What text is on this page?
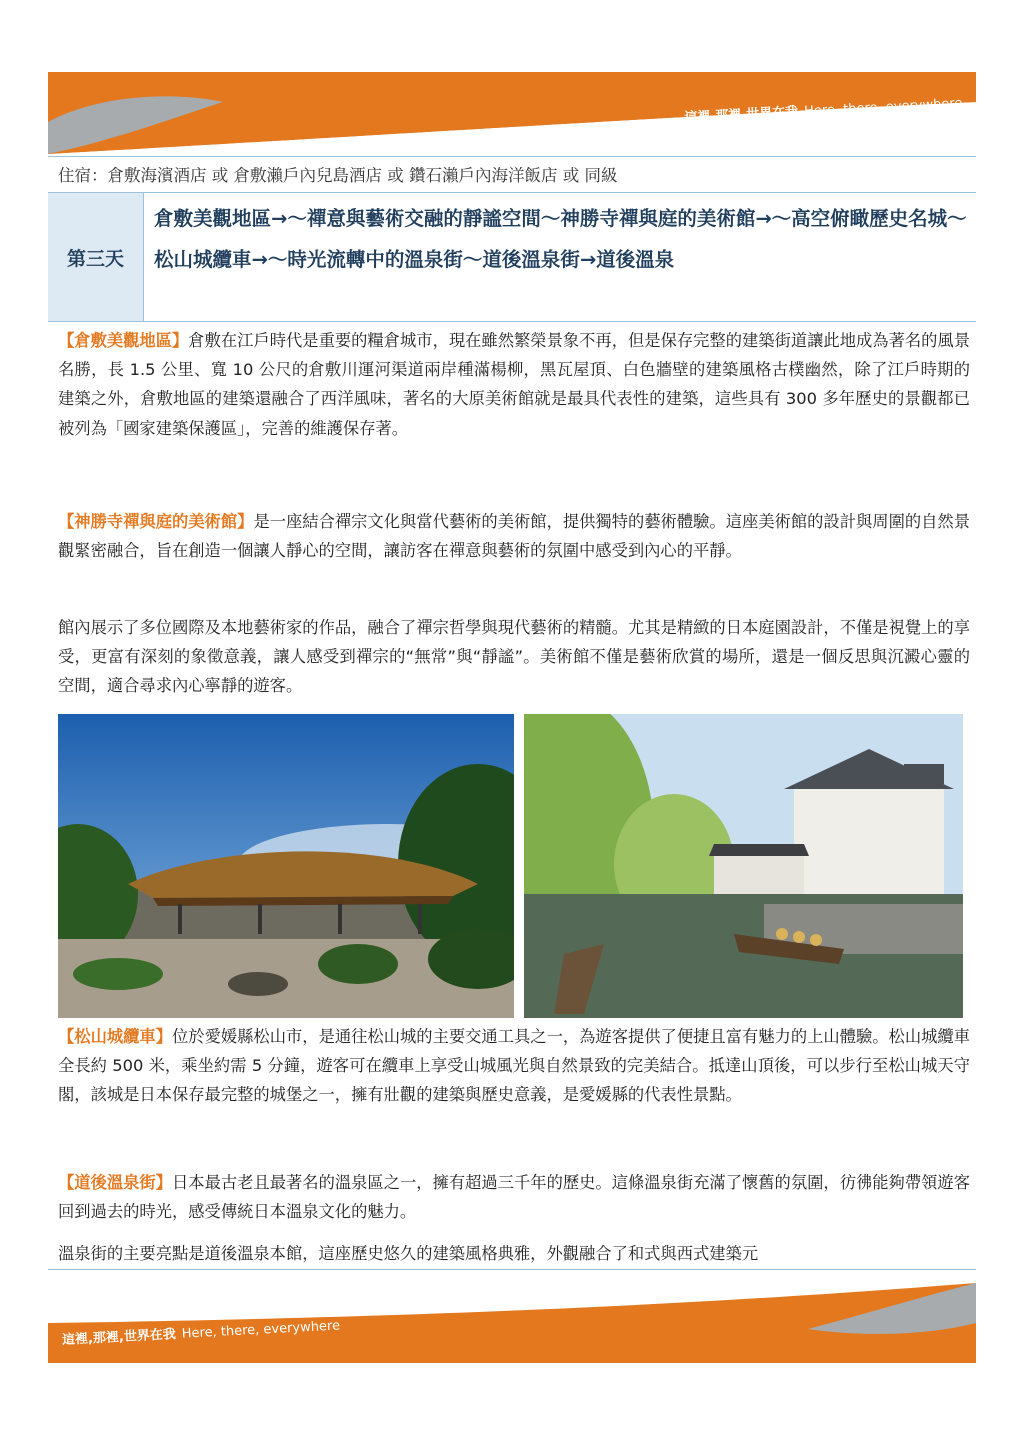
這裡,那裡,世界在我 Here, there, everywhere
住宿：倉敷海濱酒店 或 倉敷瀨戶內兒島酒店 或 鑽石瀨戶內海洋飯店 或 同級
第三天
倉敷美觀地區→～禪意與藝術交融的靜謐空間～神勝寺禪與庭的美術館→～高空俯瞰歷史名城～松山城纜車→～時光流轉中的溫泉街～道後溫泉街→道後溫泉
【倉敷美觀地區】倉敷在江戶時代是重要的糧倉城市，現在雖然繁榮景象不再，但是保存完整的建築街道讓此地成為著名的風景名勝，長 1.5 公里、寬 10 公尺的倉敷川運河渠道兩岸種滿楊柳，黑瓦屋頂、白色牆壁的建築風格古樸幽然，除了江戶時期的建築之外，倉敷地區的建築還融合了西洋風味，著名的大原美術館就是最具代表性的建築，這些具有 300 多年歷史的景觀都已被列為「國家建築保護區」，完善的維護保存著。
【神勝寺禪與庭的美術館】是一座結合禪宗文化與當代藝術的美術館，提供獨特的藝術體驗。這座美術館的設計與周圍的自然景觀緊密融合，旨在創造一個讓人靜心的空間，讓訪客在禪意與藝術的氛圍中感受到內心的平靜。
館內展示了多位國際及本地藝術家的作品，融合了禪宗哲學與現代藝術的精髓。尤其是精緻的日本庭園設計，不僅是視覺上的享受，更富有深刻的象徵意義，讓人感受到禪宗的“無常”與“靜謐”。美術館不僅是藝術欣賞的場所，還是一個反思與沉澱心靈的空間，適合尋求內心寧靜的遊客。
【松山城纜車】位於愛媛縣松山市，是通往松山城的主要交通工具之一，為遊客提供了便捷且富有魅力的上山體驗。松山城纜車全長約 500 米，乘坐約需 5 分鐘，遊客可在纜車上享受山城風光與自然景致的完美結合。抵達山頂後，可以步行至松山城天守閣，該城是日本保存最完整的城堡之一，擁有壯觀的建築與歷史意義，是愛媛縣的代表性景點。
【道後溫泉街】日本最古老且最著名的溫泉區之一，擁有超過三千年的歷史。這條溫泉街充滿了懷舊的氛圍，彷彿能夠帶領遊客回到過去的時光，感受傳統日本溫泉文化的魅力。
溫泉街的主要亮點是道後溫泉本館，這座歷史悠久的建築風格典雅，外觀融合了和式與西式建築元
這裡,那裡,世界在我 Here, there, everywhere
